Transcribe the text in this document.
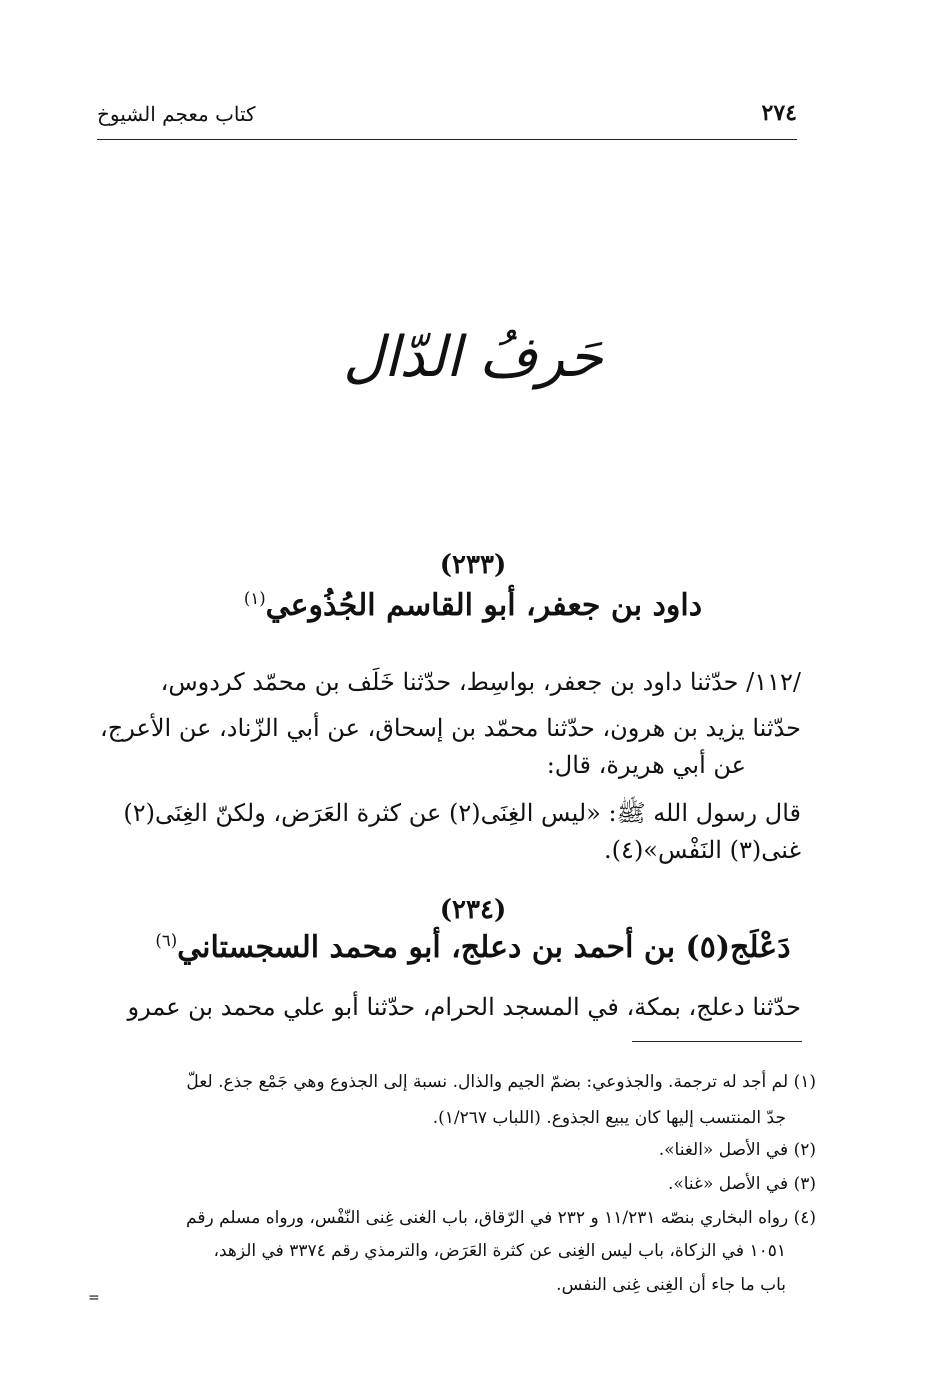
٢٧٤
كتاب معجم الشيوخ
حَرفُ الدّال
(٢٣٣)
داود بن جعفر، أبو القاسم الجُذُوعي$^{(١)}$
/١١٢/ حدّثنا داود بن جعفر، بواسِط، حدّثنا خَلَف بن محمّد كردوس،
حدّثنا يزيد بن هرون، حدّثنا محمّد بن إسحاق، عن أبي الزّناد، عن الأعرج،
عن أبي هريرة، قال:
قال رسول الله ﷺ: «ليس الغِنَى(٢) عن كثرة العَرَض، ولكنّ الغِنَى(٢)
غنى(٣) النَفْس»(٤).
(٢٣٤)
دَعْلَج(٥) بن أحمد بن دعلج، أبو محمد السجستاني$^{(٦)}$
حدّثنا دعلج، بمكة، في المسجد الحرام، حدّثنا أبو علي محمد بن عمرو
(١) لم أجد له ترجمة. والجذوعي: بضمّ الجيم والذال. نسبة إلى الجذوع وهي جَمْع جذع. لعلّ
جدّ المنتسب إليها كان يبيع الجذوع. (اللباب ١/٢٦٧).
(٢) في الأصل «الغنا».
(٣) في الأصل «غنا».
(٤) رواه البخاري بنصّه ١١/٢٣١ و ٢٣٢ في الرّقاق، باب الغنى غِنى النّفْس، ورواه مسلم رقم
١٠٥١ في الزكاة، باب ليس الغِنى عن كثرة العَرَض، والترمذي رقم ٣٣٧٤ في الزهد،
باب ما جاء أن الغِنى غِنى النفس.
=
